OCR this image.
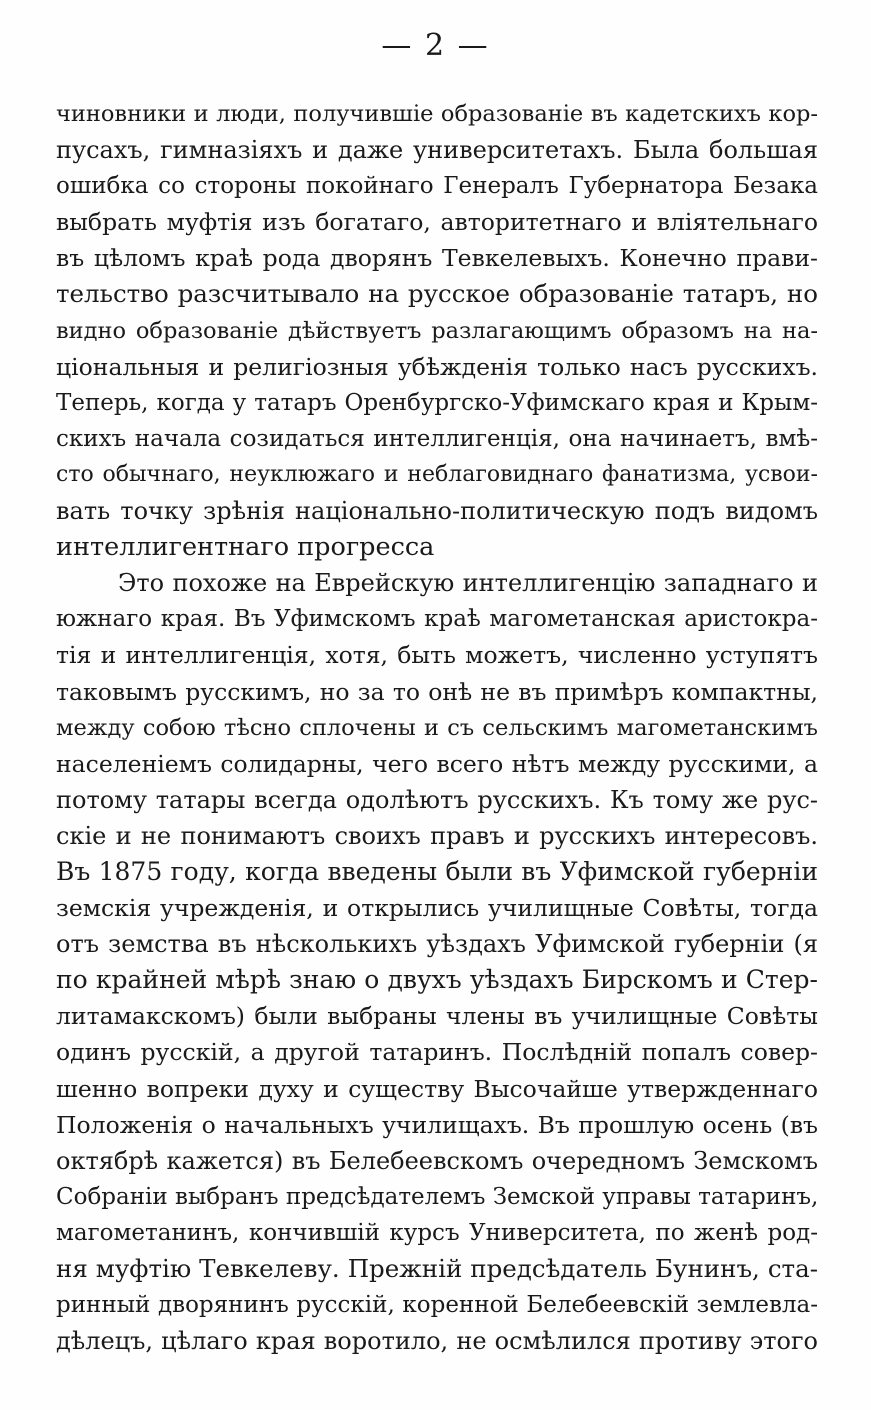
— 2 —
чиновники и люди, получившіе образованіе въ кадетскихъ кор-
пусахъ, гимназіяхъ и даже университетахъ. Была большая
ошибка со стороны покойнаго Генералъ Губернатора Безака
выбрать муфтія изъ богатаго, авторитетнаго и вліятельнаго
въ цѣломъ краѣ рода дворянъ Тевкелевыхъ. Конечно прави-
тельство разсчитывало на русское образованіе татаръ, но
видно образованіе дѣйствуетъ разлагающимъ образомъ на на-
ціональныя и религіозныя убѣжденія только насъ русскихъ.
Теперь, когда у татаръ Оренбургско-Уфимскаго края и Крым-
скихъ начала созидаться интеллигенція, она начинаетъ, вмѣ-
сто обычнаго, неуклюжаго и неблаговиднаго фанатизма, усвои-
вать точку зрѣнія національно-политическую подъ видомъ
интеллигентнаго прогресса
Это похоже на Еврейскую интеллигенцію западнаго и
южнаго края. Въ Уфимскомъ краѣ магометанская аристокра-
тія и интеллигенція, хотя, быть можетъ, численно уступятъ
таковымъ русскимъ, но за то онѣ не въ примѣръ компактны,
между собою тѣсно сплочены и съ сельскимъ магометанскимъ
населеніемъ солидарны, чего всего нѣтъ между русскими, а
потому татары всегда одолѣютъ русскихъ. Къ тому же рус-
скіе и не понимаютъ своихъ правъ и русскихъ интересовъ.
Въ 1875 году, когда введены были въ Уфимской губерніи
земскія учрежденія, и открылись училищные Совѣты, тогда
отъ земства въ нѣсколькихъ уѣздахъ Уфимской губерніи (я
по крайней мѣрѣ знаю о двухъ уѣздахъ Бирскомъ и Стер-
литамакскомъ) были выбраны члены въ училищные Совѣты
одинъ русскій, а другой татаринъ. Послѣдній попалъ совер-
шенно вопреки духу и существу Высочайше утвержденнаго
Положенія о начальныхъ училищахъ. Въ прошлую осень (въ
октябрѣ кажется) въ Белебеевскомъ очередномъ Земскомъ
Собраніи выбранъ предсѣдателемъ Земской управы татаринъ,
магометанинъ, кончившій курсъ Университета, по женѣ род-
ня муфтію Тевкелеву. Прежній предсѣдатель Бунинъ, ста-
ринный дворянинъ русскій, коренной Белебеевскій землевла-
дѣлецъ, цѣлаго края воротило, не осмѣлился противу этого
